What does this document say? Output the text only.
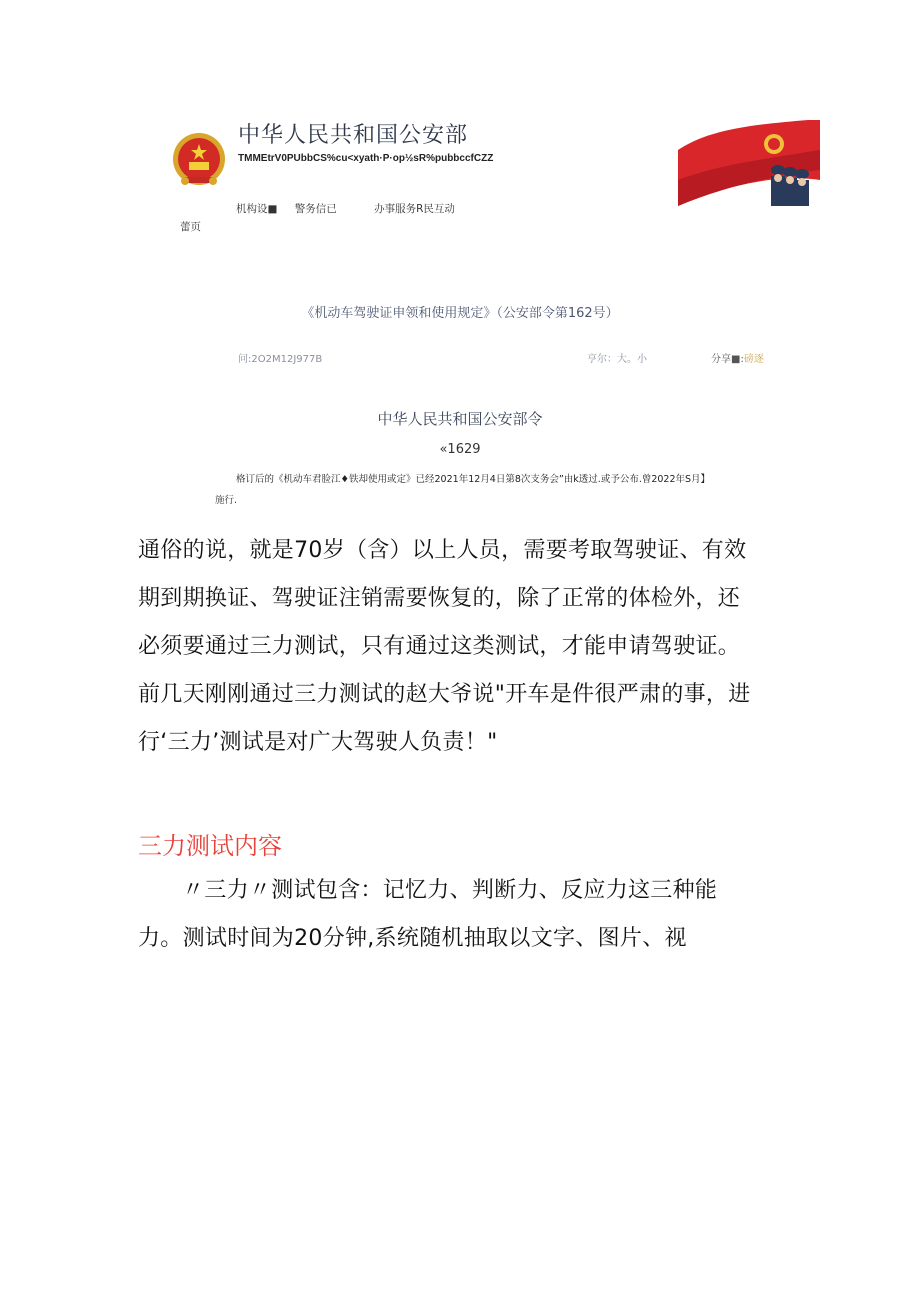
中华人民共和国公安部
TMMEtrV0PUbbCS%cu<xyath·P·op½sR%pubbccfCZZ
机构设■ 警务信已	办事服务R民互动
蕾页
《机动车驾驶证申领和使用规定》（公安部令第162号）
问:2O2M12J977B	亨尔：大。小	分享■:磅逐
中华人民共和国公安部令
«1629
格订后的《机动车君脸江♦铁却使用或定》已经2021年12月4日第8次支务会”由k透过.或予公布.曾2022年S月】
施行.
通俗的说，就是70岁（含）以上人员，需要考取驾驶证、有效
期到期换证、驾驶证注销需要恢复的，除了正常的体检外，还
必须要通过三力测试，只有通过这类测试，才能申请驾驶证。
前几天刚刚通过三力测试的赵大爷说"开车是件很严肃的事，进
行‘三力’测试是对广大驾驶人负责！"
三力测试内容
〃三力〃测试包含：记忆力、判断力、反应力这三种能
力。测试时间为20分钟,系统随机抽取以文字、图片、视
